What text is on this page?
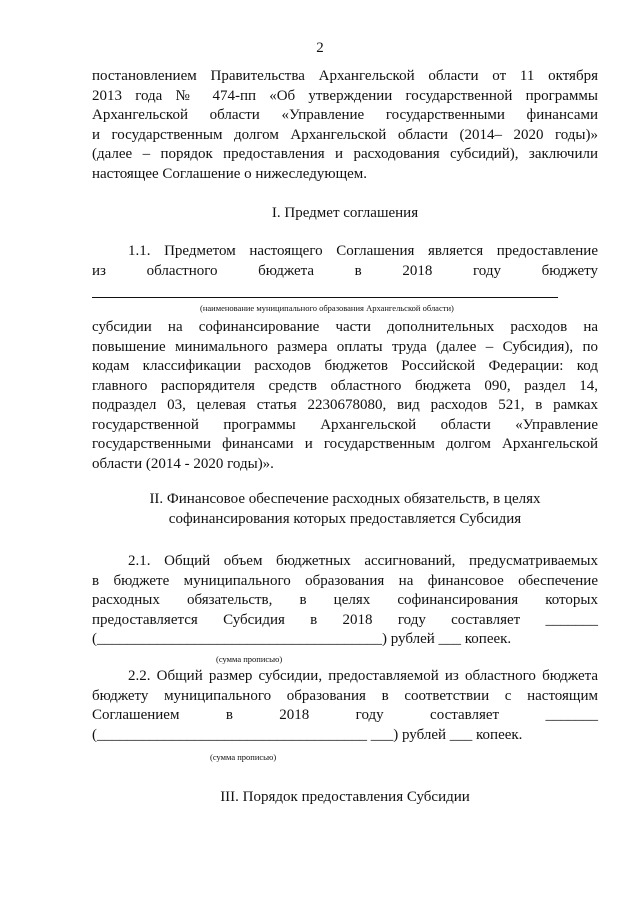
2
постановлением Правительства Архангельской области от 11 октября
2013 года № 474-пп «Об утверждении государственной программы
Архангельской области «Управление государственными финансами
и государственным долгом Архангельской области (2014– 2020 годы)»
(далее – порядок предоставления и расходования субсидий), заключили
настоящее Соглашение о нижеследующем.
I. Предмет соглашения
1.1. Предметом настоящего Соглашения является предоставление
из областного бюджета в 2018 году бюджету
(наименование муниципального образования Архангельской области)
субсидии на софинансирование части дополнительных расходов на
повышение минимального размера оплаты труда (далее – Субсидия), по
кодам классификации расходов бюджетов Российской Федерации: код
главного распорядителя средств областного бюджета 090, раздел 14,
подраздел 03, целевая статья 2230678080, вид расходов 521, в рамках
государственной программы Архангельской области «Управление
государственными финансами и государственным долгом Архангельской
области (2014 - 2020 годы)».
II. Финансовое обеспечение расходных обязательств, в целях
софинансирования которых предоставляется Субсидия
2.1. Общий объем бюджетных ассигнований, предусматриваемых
в бюджете муниципального образования на финансовое обеспечение
расходных обязательств, в целях софинансирования которых
предоставляется Субсидия в 2018 году составляет _______
(______________________________________) рублей ___ копеек.
(сумма прописью)
2.2. Общий размер субсидии, предоставляемой из областного бюджета
бюджету муниципального образования в соответствии с настоящим
Соглашением в 2018 году составляет _______
(____________________________________ ___) рублей ___ копеек.
(сумма прописью)
III. Порядок предоставления Субсидии
